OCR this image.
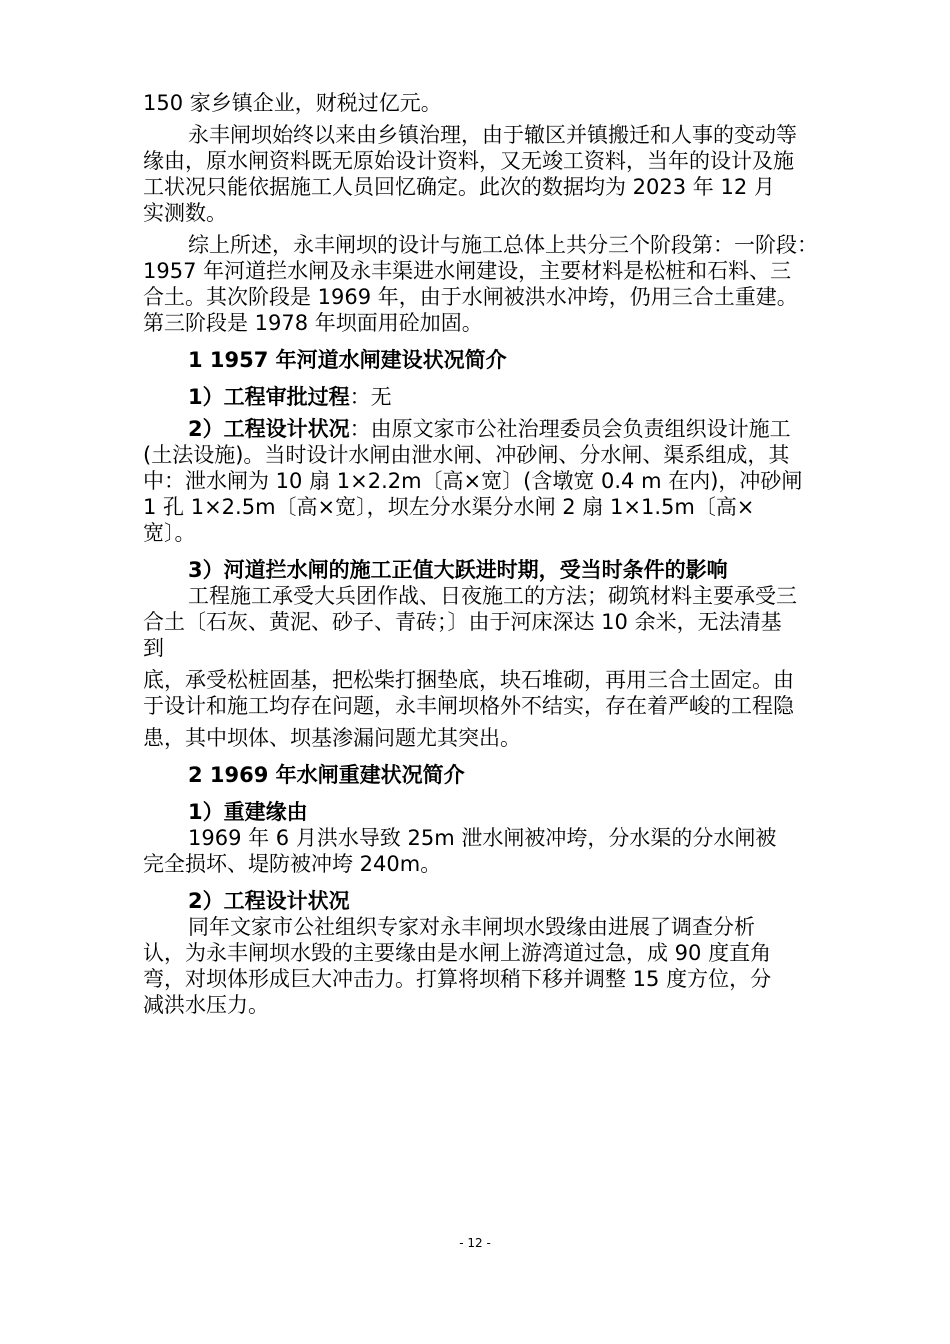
150 家乡镇企业，财税过亿元。

永丰闸坝始终以来由乡镇治理，由于辙区并镇搬迁和人事的变动等

缘由，原水闸资料既无原始设计资料，又无竣工资料，当年的设计及施

工状况只能依据施工人员回忆确定。此次的数据均为 2023 年 12 月

实测数。

综上所述，永丰闸坝的设计与施工总体上共分三个阶段第：一阶段：

1957 年河道拦水闸及永丰渠进水闸建设，主要材料是松桩和石料、三

合土。其次阶段是 1969 年，由于水闸被洪水冲垮，仍用三合土重建。

第三阶段是 1978 年坝面用砼加固。

1 1957 年河道水闸建设状况简介
1）工程审批过程：无
2）工程设计状况：由原文家市公社治理委员会负责组织设计施工

(土法设施)。当时设计水闸由泄水闸、冲砂闸、分水闸、渠系组成，其

中：泄水闸为 10 扇 1×2.2m〔高×宽〕(含墩宽 0.4 m 在内)，冲砂闸

1 孔 1×2.5m〔高×宽〕，坝左分水渠分水闸 2 扇 1×1.5m〔高×

宽〕。

3）河道拦水闸的施工正值大跃进时期，受当时条件的影响

工程施工承受大兵团作战、日夜施工的方法；砌筑材料主要承受三

合土〔石灰、黄泥、砂子、青砖；〕由于河床深达 10 余米，无法清基

到

底，承受松桩固基，把松柴打捆垫底，块石堆砌，再用三合土固定。由

于设计和施工均存在问题，永丰闸坝格外不结实，存在着严峻的工程隐

患，其中坝体、坝基渗漏问题尤其突出。

2 1969 年水闸重建状况简介
1）重建缘由

1969 年 6 月洪水导致 25m 泄水闸被冲垮，分水渠的分水闸被

完全损坏、堤防被冲垮 240m。

2）工程设计状况

同年文家市公社组织专家对永丰闸坝水毁缘由进展了调查分析

认，为永丰闸坝水毁的主要缘由是水闸上游湾道过急，成 90 度直角

弯，对坝体形成巨大冲击力。打算将坝稍下移并调整 15 度方位，分

减洪水压力。

- 12 -
